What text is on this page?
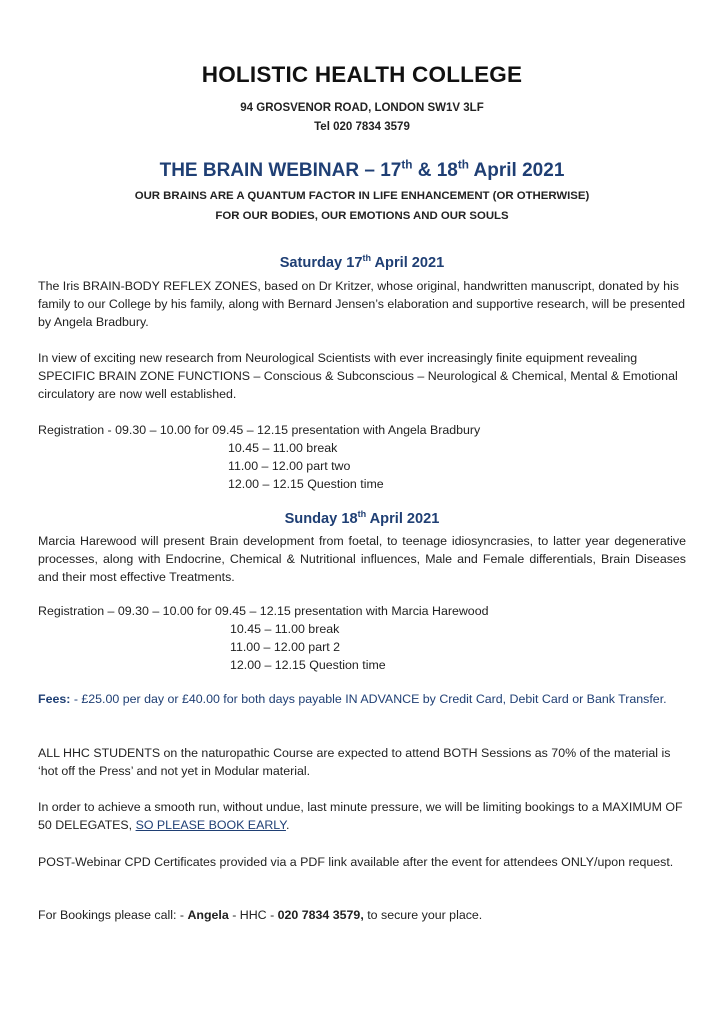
HOLISTIC HEALTH COLLEGE
94 GROSVENOR ROAD, LONDON SW1V 3LF
Tel 020 7834 3579
THE BRAIN WEBINAR – 17th & 18th April 2021
OUR BRAINS ARE A QUANTUM FACTOR IN LIFE ENHANCEMENT (OR OTHERWISE)
FOR OUR BODIES, OUR EMOTIONS AND OUR SOULS
Saturday 17th April 2021
The Iris BRAIN-BODY REFLEX ZONES, based on Dr Kritzer, whose original, handwritten manuscript, donated by his family to our College by his family, along with Bernard Jensen’s elaboration and supportive research, will be presented by Angela Bradbury.
In view of exciting new research from Neurological Scientists with ever increasingly finite equipment revealing SPECIFIC BRAIN ZONE FUNCTIONS – Conscious & Subconscious – Neurological & Chemical, Mental & Emotional circulatory are now well established.
Registration - 09.30 – 10.00 for 09.45 – 12.15 presentation with Angela Bradbury
10.45 – 11.00 break
11.00 – 12.00 part two
12.00 – 12.15 Question time
Sunday 18th April 2021
Marcia Harewood will present Brain development from foetal, to teenage idiosyncrasies, to latter year degenerative processes, along with Endocrine, Chemical & Nutritional influences, Male and Female differentials, Brain Diseases and their most effective Treatments.
Registration – 09.30 – 10.00 for 09.45 – 12.15 presentation with Marcia Harewood
10.45 – 11.00 break
11.00 – 12.00 part 2
12.00 – 12.15 Question time
Fees: - £25.00 per day or £40.00 for both days payable IN ADVANCE by Credit Card, Debit Card or Bank Transfer.
ALL HHC STUDENTS on the naturopathic Course are expected to attend BOTH Sessions as 70% of the material is ‘hot off the Press’ and not yet in Modular material.
In order to achieve a smooth run, without undue, last minute pressure, we will be limiting bookings to a MAXIMUM OF 50 DELEGATES, SO PLEASE BOOK EARLY.
POST-Webinar CPD Certificates provided via a PDF link available after the event for attendees ONLY/upon request.
For Bookings please call: - Angela - HHC - 020 7834 3579, to secure your place.
